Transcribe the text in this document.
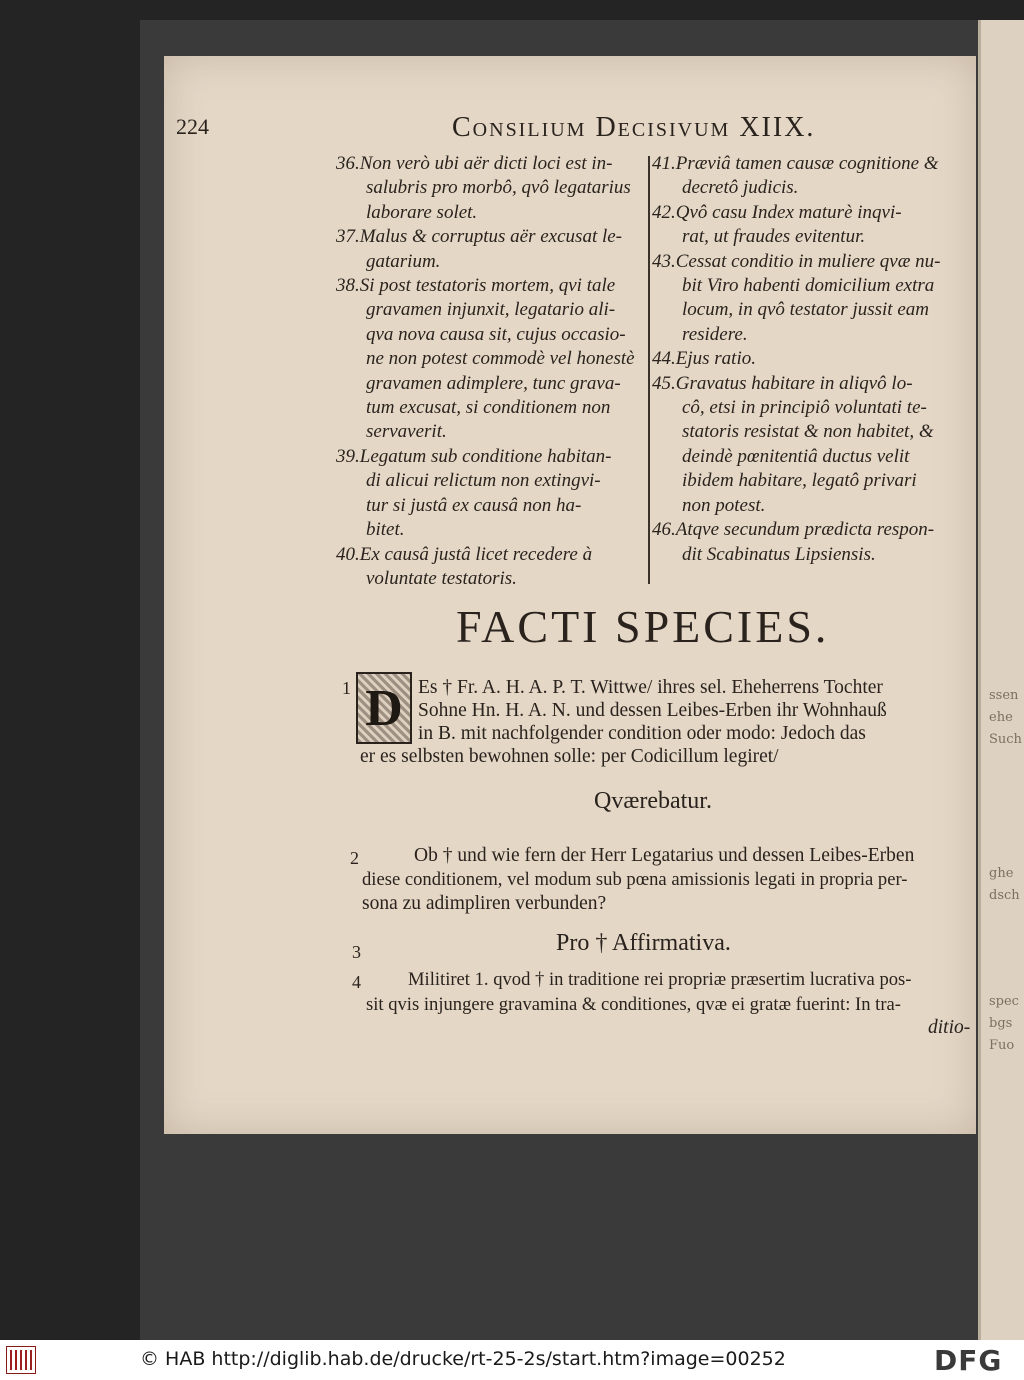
ssen
ehe
Such
ghe
dsch
spec
bgs
Fuo
224	Consilium Decisivum XIIX.
36.Non verò ubi aër dicti loci est in-
salubris pro morbô, qvô legatarius
laborare solet.
37.Malus & corruptus aër excusat le-
gatarium.
38.Si post testatoris mortem, qvi tale
gravamen injunxit, legatario ali-
qva nova causa sit, cujus occasio-
ne non potest commodè vel honestè
gravamen adimplere, tunc grava-
tum excusat, si conditionem non
servaverit.
39.Legatum sub conditione habitan-
di alicui relictum non extingvi-
tur si justâ ex causâ non ha-
bitet.
40.Ex causâ justâ licet recedere à
voluntate testatoris.
41.Præviâ tamen causæ cognitione &
decretô judicis.
42.Qvô casu Index maturè inqvi-
rat, ut fraudes evitentur.
43.Cessat conditio in muliere qvæ nu-
bit Viro habenti domicilium extra
locum, in qvô testator jussit eam
residere.
44.Ejus ratio.
45.Gravatus habitare in aliqvô lo-
cô, etsi in principiô voluntati te-
statoris resistat & non habitet, &
deindè pœnitentiâ ductus velit
ibidem habitare, legatô privari
non potest.
46.Atqve secundum prædicta respon-
dit Scabinatus Lipsiensis.
FACTI SPECIES.
1 D Es † Fr. A. H. A. P. T. Wittwe/ ihres sel. Eheherrens Tochter
Sohne Hn. H. A. N. und dessen Leibes-Erben ihr Wohnhauß
in B. mit nachfolgender condition oder modo: Jedoch das
er es selbsten bewohnen solle: per Codicillum legiret/
Qværebatur.
2	Ob † und wie fern der Herr Legatarius und dessen Leibes-Erben
diese conditionem, vel modum sub pœna amissionis legati in propria per-
sona zu adimpliren verbunden?
3	Pro † Affirmativa.
4	Militiret 1. qvod † in traditione rei propriæ præsertim lucrativa pos-
sit qvis injungere gravamina & conditiones, qvæ ei gratæ fuerint: In tra-
ditio-
© HAB http://diglib.hab.de/drucke/rt-25-2s/start.htm?image=00252	DFG
